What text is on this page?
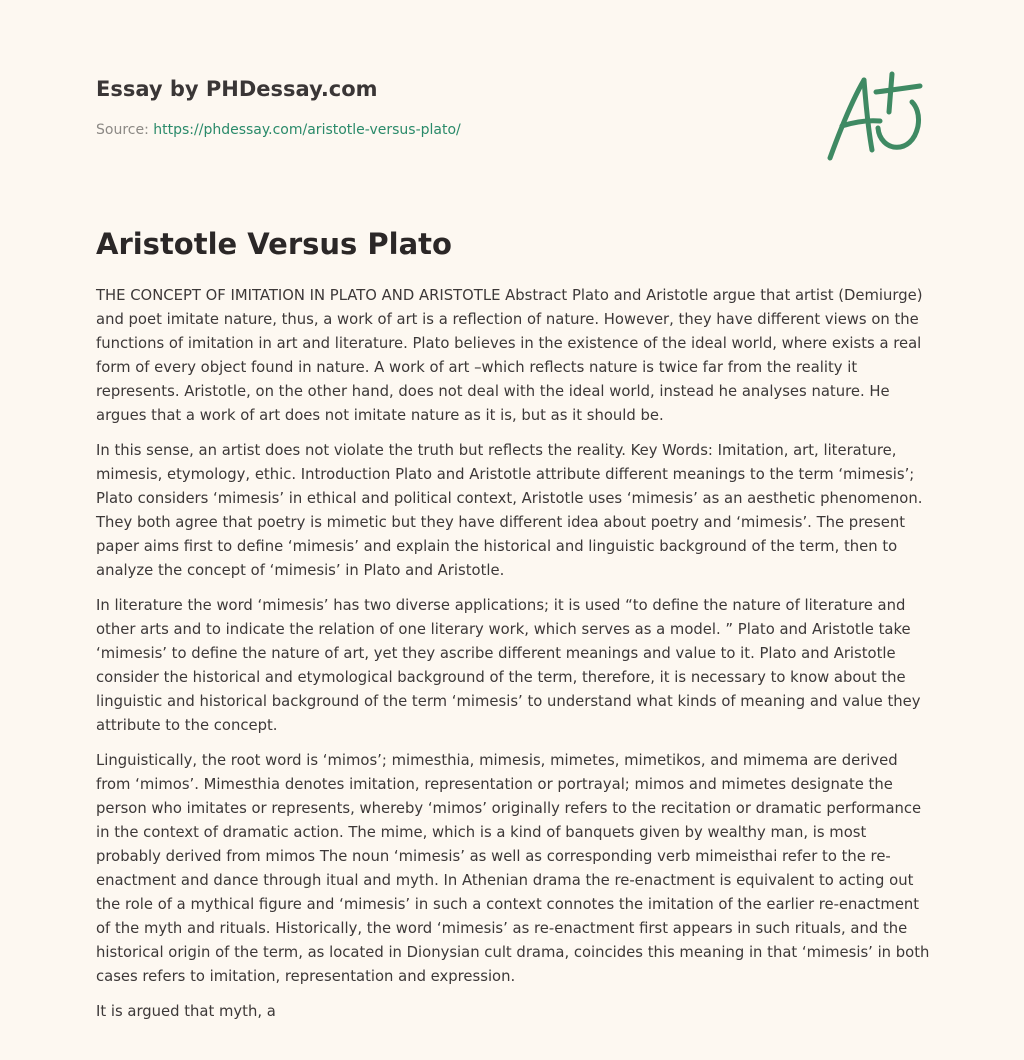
Essay by PHDessay.com
Source: https://phdessay.com/aristotle-versus-plato/
Aristotle Versus Plato

THE CONCEPT OF IMITATION IN PLATO AND ARISTOTLE Abstract Plato and Aristotle argue that artist (Demiurge) and poet imitate nature, thus, a work of art is a reflection of nature. However, they have different views on the functions of imitation in art and literature. Plato believes in the existence of the ideal world, where exists a real form of every object found in nature. A work of art –which reflects nature is twice far from the reality it represents. Aristotle, on the other hand, does not deal with the ideal world, instead he analyses nature. He argues that a work of art does not imitate nature as it is, but as it should be.

In this sense, an artist does not violate the truth but reflects the reality. Key Words: Imitation, art, literature, mimesis, etymology, ethic. Introduction Plato and Aristotle attribute different meanings to the term ‘mimesis’; Plato considers ‘mimesis’ in ethical and political context, Aristotle uses ‘mimesis’ as an aesthetic phenomenon. They both agree that poetry is mimetic but they have different idea about poetry and ‘mimesis’. The present paper aims first to define ‘mimesis’ and explain the historical and linguistic background of the term, then to analyze the concept of ‘mimesis’ in Plato and Aristotle.

In literature the word ‘mimesis’ has two diverse applications; it is used “to define the nature of literature and other arts and to indicate the relation of one literary work, which serves as a model. ” Plato and Aristotle take ‘mimesis’ to define the nature of art, yet they ascribe different meanings and value to it. Plato and Aristotle consider the historical and etymological background of the term, therefore, it is necessary to know about the linguistic and historical background of the term ‘mimesis’ to understand what kinds of meaning and value they attribute to the concept.

Linguistically, the root word is ‘mimos’; mimesthia, mimesis, mimetes, mimetikos, and mimema are derived from ‘mimos’. Mimesthia denotes imitation, representation or portrayal; mimos and mimetes designate the person who imitates or represents, whereby ‘mimos’ originally refers to the recitation or dramatic performance in the context of dramatic action. The mime, which is a kind of banquets given by wealthy man, is most probably derived from mimos The noun ‘mimesis’ as well as corresponding verb mimeisthai refer to the re-enactment and dance through itual and myth. In Athenian drama the re-enactment is equivalent to acting out the role of a mythical figure and ‘mimesis’ in such a context connotes the imitation of the earlier re-enactment of the myth and rituals. Historically, the word ‘mimesis’ as re-enactment first appears in such rituals, and the historical origin of the term, as located in Dionysian cult drama, coincides this meaning in that ‘mimesis’ in both cases refers to imitation, representation and expression.

It is argued that myth, a
